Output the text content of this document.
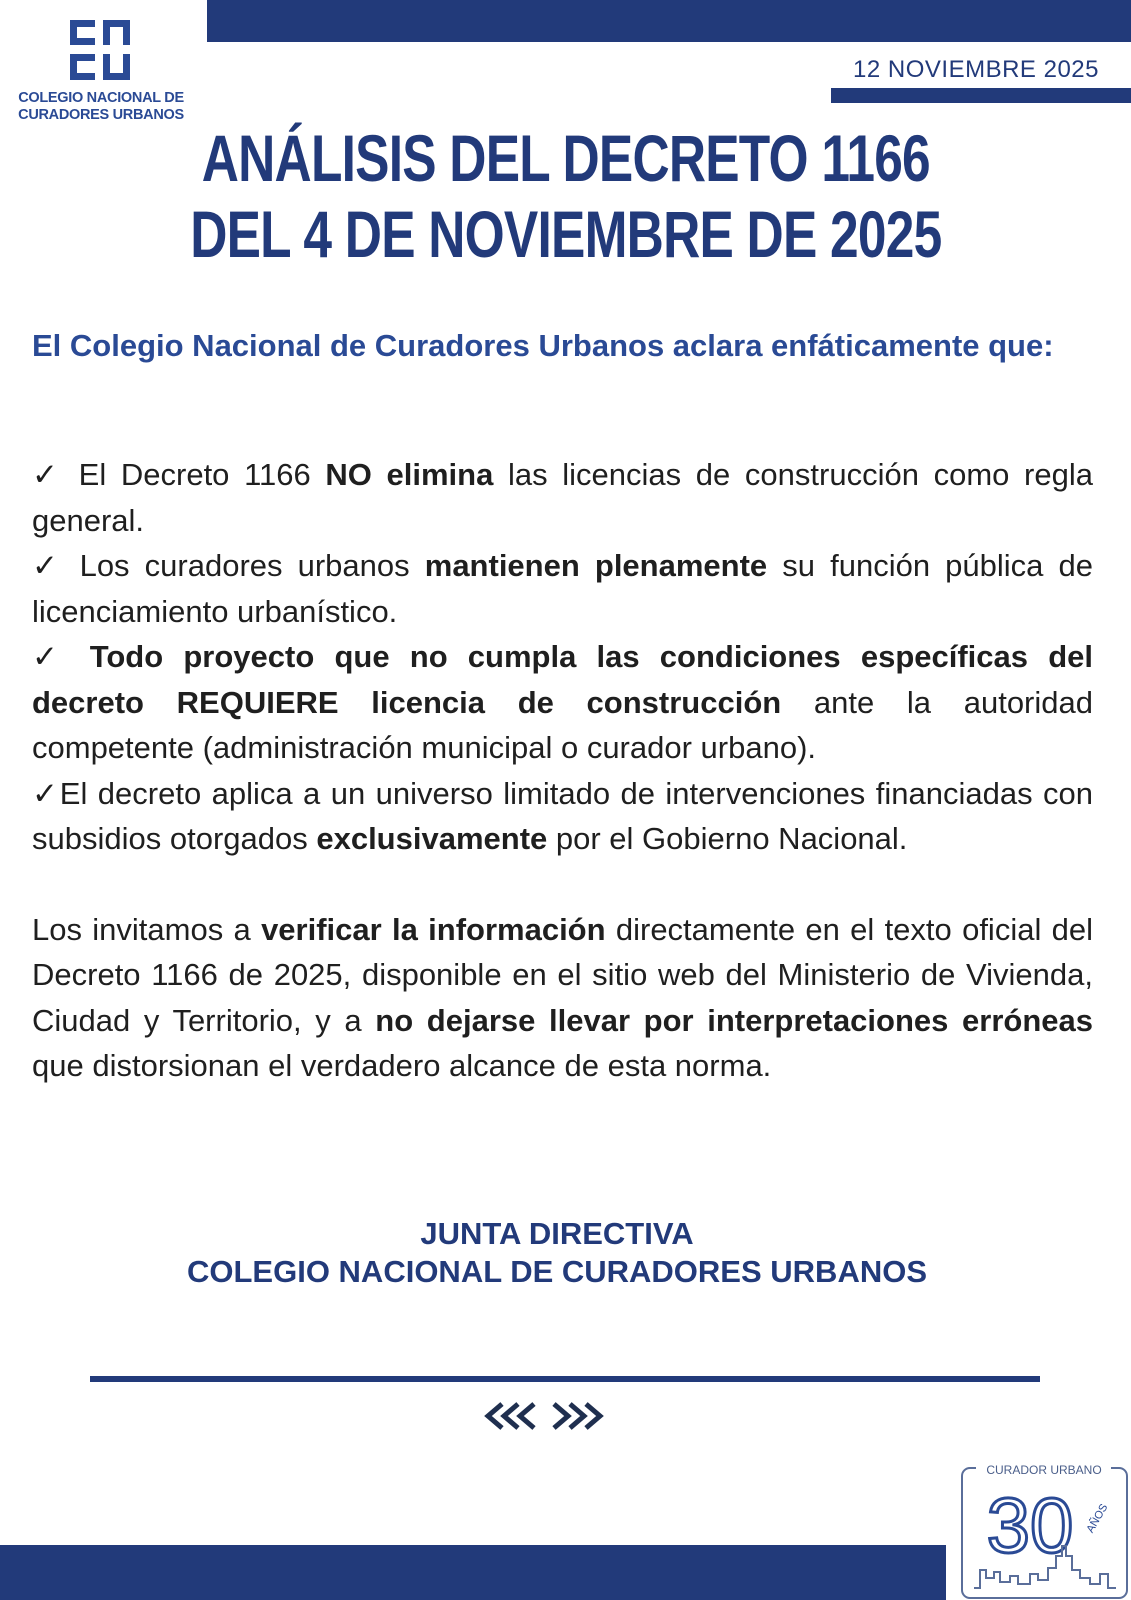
12 NOVIEMBRE 2025
COLEGIO NACIONAL DE
CURADORES URBANOS
ANÁLISIS DEL DECRETO 1166
DEL 4 DE NOVIEMBRE DE 2025
El Colegio Nacional de Curadores Urbanos aclara enfáticamente que:

✓ El Decreto 1166 NO elimina las licencias de construcción como regla general.

✓ Los curadores urbanos mantienen plenamente su función pública de licenciamiento urbanístico.

✓ Todo proyecto que no cumpla las condiciones específicas del decreto REQUIERE licencia de construcción ante la autoridad competente (administración municipal o curador urbano).

✓El decreto aplica a un universo limitado de intervenciones financiadas con subsidios otorgados exclusivamente por el Gobierno Nacional.

Los invitamos a verificar la información directamente en el texto oficial del Decreto 1166 de 2025, disponible en el sitio web del Ministerio de Vivienda, Ciudad y Territorio, y a no dejarse llevar por interpretaciones erróneas que distorsionan el verdadero alcance de esta norma.

JUNTA DIRECTIVA
COLEGIO NACIONAL DE CURADORES URBANOS
CURADOR URBANO
30 AÑOS
